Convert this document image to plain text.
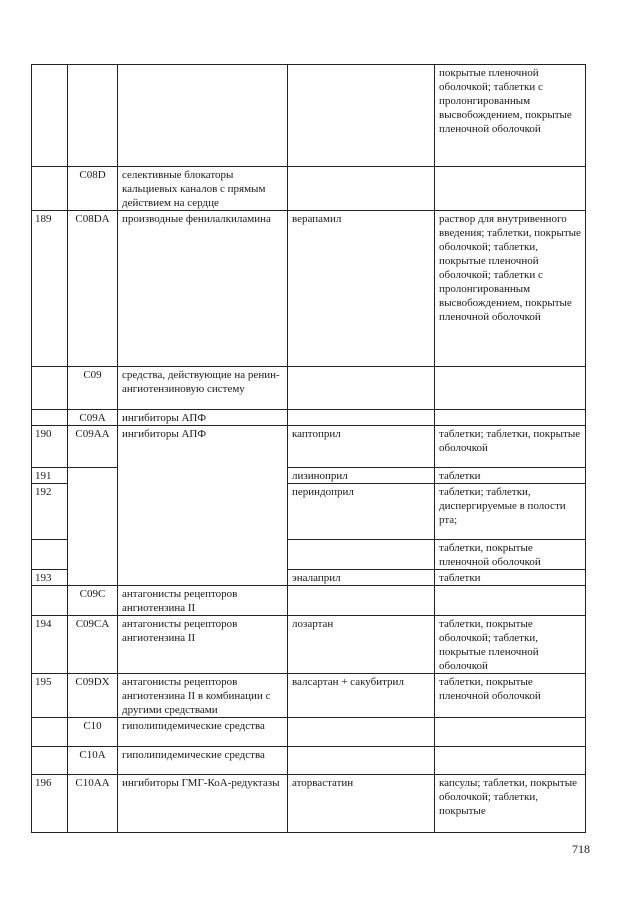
				покрытые пленочной оболочкой; таблетки с пролонгированным высвобождением, покрытые пленочной оболочкой
	C08D	селективные блокаторы кальциевых каналов с прямым действием на сердце		
189	C08DA	производные фенилалкиламина	верапамил	раствор для внутривенного введения; таблетки, покрытые оболочкой; таблетки, покрытые пленочной оболочкой; таблетки с пролонгированным высвобождением, покрытые пленочной оболочкой
	C09	средства, действующие на ренин-ангиотензиновую систему		
	C09A	ингибиторы АПФ		
190	C09AA	ингибиторы АПФ	каптоприл	таблетки; таблетки, покрытые оболочкой
191			лизиноприл	таблетки
192			периндоприл	таблетки; таблетки, диспергируемые в полости рта;
				таблетки, покрытые пленочной оболочкой
193			эналаприл	таблетки
	C09C	антагонисты рецепторов ангиотензина II		
194	C09CA	антагонисты рецепторов ангиотензина II	лозартан	таблетки, покрытые оболочкой; таблетки, покрытые пленочной оболочкой
195	C09DX	антагонисты рецепторов ангиотензина II в комбинации с другими средствами	валсартан + сакубитрил	таблетки, покрытые пленочной оболочкой
	C10	гиполипидемические средства		
	C10A	гиполипидемические средства		
196	C10AA	ингибиторы ГМГ-КоА-редуктазы	аторвастатин	капсулы; таблетки, покрытые оболочкой; таблетки, покрытые
718
